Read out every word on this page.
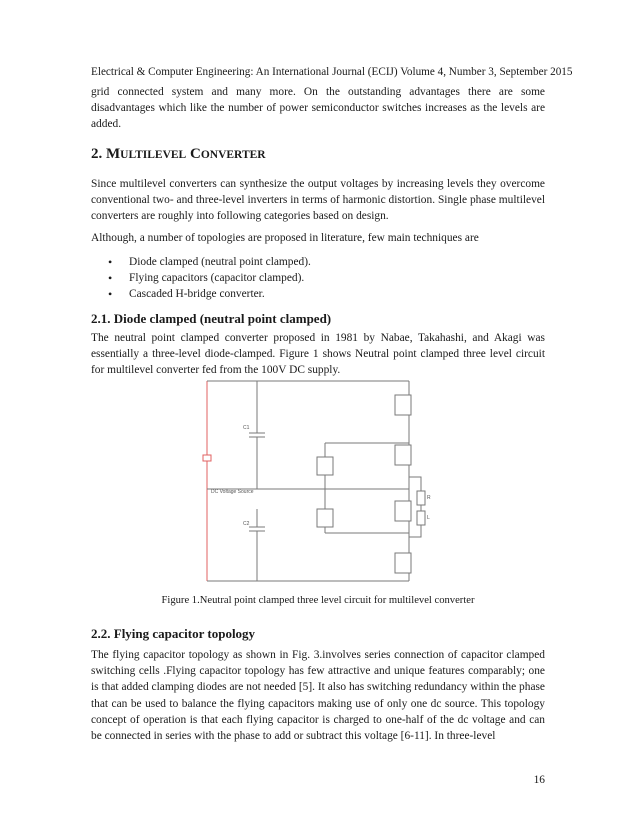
Electrical & Computer Engineering: An International Journal (ECIJ) Volume 4, Number 3, September 2015
grid connected system and many more. On the outstanding advantages there are some disadvantages which like the number of power semiconductor switches increases as the levels are added.
2. MULTILEVEL CONVERTER
Since multilevel converters can synthesize the output voltages by increasing levels they overcome conventional two- and three-level inverters in terms of harmonic distortion. Single phase multilevel converters are roughly into following categories based on design.
Although, a number of topologies are proposed in literature, few main techniques are
• Diode clamped (neutral point clamped).
• Flying capacitors (capacitor clamped).
• Cascaded H-bridge converter.
2.1. Diode clamped (neutral point clamped)
The neutral point clamped converter proposed in 1981 by Nabae, Takahashi, and Akagi was essentially a three-level diode-clamped. Figure 1 shows Neutral point clamped three level circuit for multilevel converter fed from the 100V DC supply.
C1
C2
DC Voltage Source
R
L
Figure 1.Neutral point clamped three level circuit for multilevel converter
2.2. Flying capacitor topology
The flying capacitor topology as shown in Fig. 3.involves series connection of capacitor clamped switching cells .Flying capacitor topology has few attractive and unique features comparably; one is that added clamping diodes are not needed [5]. It also has switching redundancy within the phase that can be used to balance the flying capacitors making use of only one dc source. This topology concept of operation is that each flying capacitor is charged to one-half of the dc voltage and can be connected in series with the phase to add or subtract this voltage [6-11]. In three-level
16
